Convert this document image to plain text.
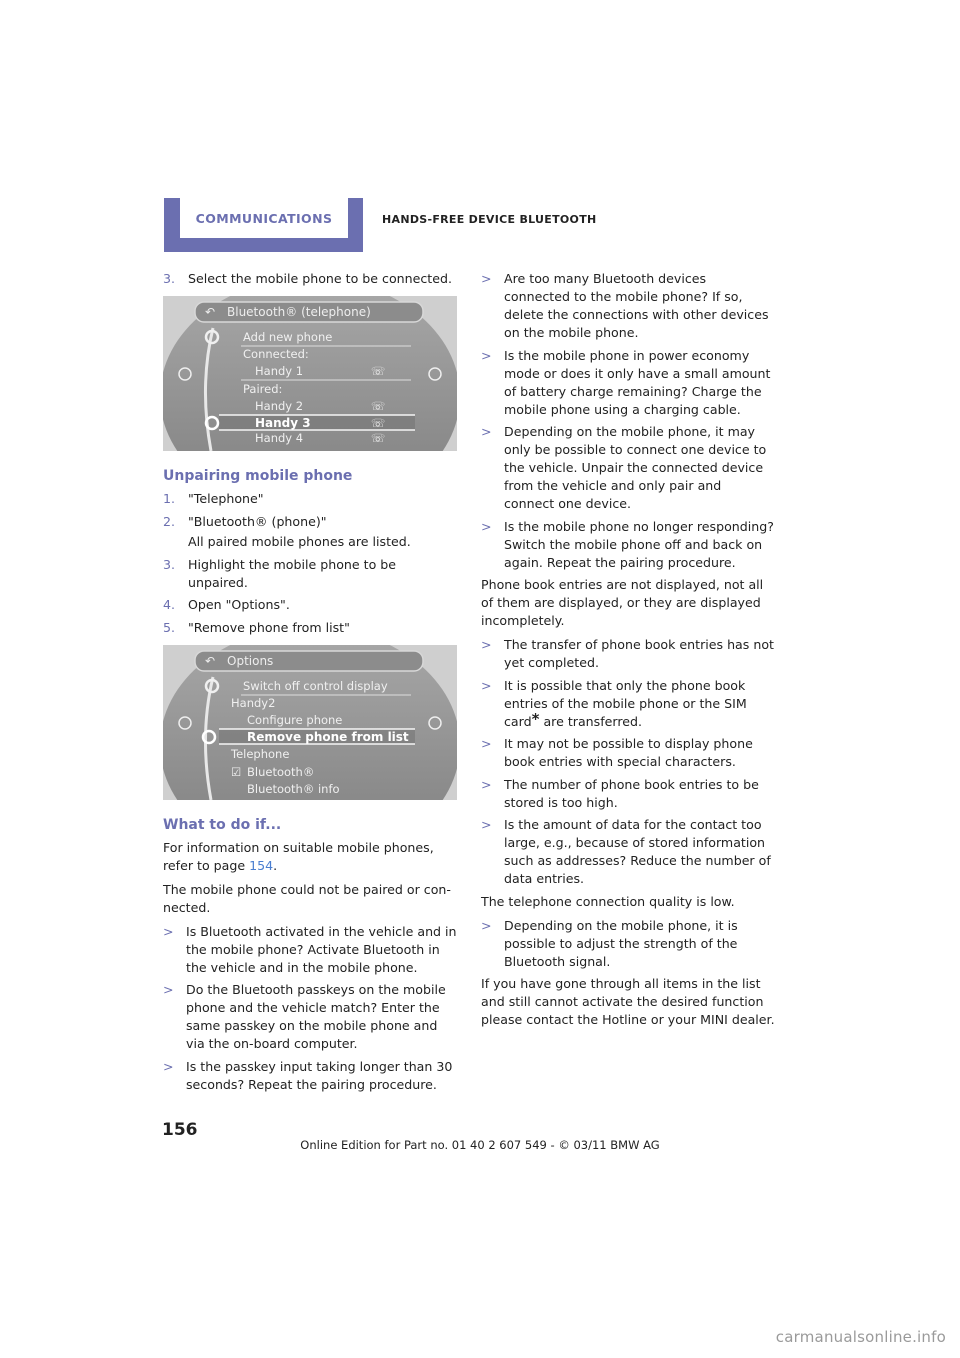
COMMUNICATIONS	HANDS-FREE DEVICE BLUETOOTH
3.	Select the mobile phone to be connected.
↶ Bluetooth® (telephone)
Add new phone
Connected:
Handy 1
Paired:
Handy 2
Handy 3
Handy 4
☏
☏
☏
☏
Unpairing mobile phone
1.	"Telephone"
2.	"Bluetooth® (phone)"
All paired mobile phones are listed.
3.	Highlight the mobile phone to be unpaired.
4.	Open "Options".
5.	"Remove phone from list"
↶ Options
Switch off control display
Handy2
Configure phone
Remove phone from list
Telephone
☑ Bluetooth®
Bluetooth® info
What to do if...

For information on suitable mobile phones, refer to page 154.

The mobile phone could not be paired or connected.

> Is Bluetooth activated in the vehicle and in the mobile phone? Activate Bluetooth in the vehicle and in the mobile phone.
> Do the Bluetooth passkeys on the mobile phone and the vehicle match? Enter the same passkey on the mobile phone and via the on-board computer.
> Is the passkey input taking longer than 30 seconds? Repeat the pairing procedure.
> Are too many Bluetooth devices connected to the mobile phone? If so, delete the connections with other devices on the mobile phone.
> Is the mobile phone in power economy mode or does it only have a small amount of battery charge remaining? Charge the mobile phone using a charging cable.
> Depending on the mobile phone, it may only be possible to connect one device to the vehicle. Unpair the connected device from the vehicle and only pair and connect one device.
> Is the mobile phone no longer responding? Switch the mobile phone off and back on again. Repeat the pairing procedure.

Phone book entries are not displayed, not all of them are displayed, or they are displayed incompletely.

> The transfer of phone book entries has not yet completed.
> It is possible that only the phone book entries of the mobile phone or the SIM card* are transferred.
> It may not be possible to display phone book entries with special characters.
> The number of phone book entries to be stored is too high.
> Is the amount of data for the contact too large, e.g., because of stored information such as addresses? Reduce the number of data entries.

The telephone connection quality is low.

> Depending on the mobile phone, it is possible to adjust the strength of the Bluetooth signal.

If you have gone through all items in the list and still cannot activate the desired function please contact the Hotline or your MINI dealer.

156
Online Edition for Part no. 01 40 2 607 549 - © 03/11 BMW AG
carmanualsonline.info
